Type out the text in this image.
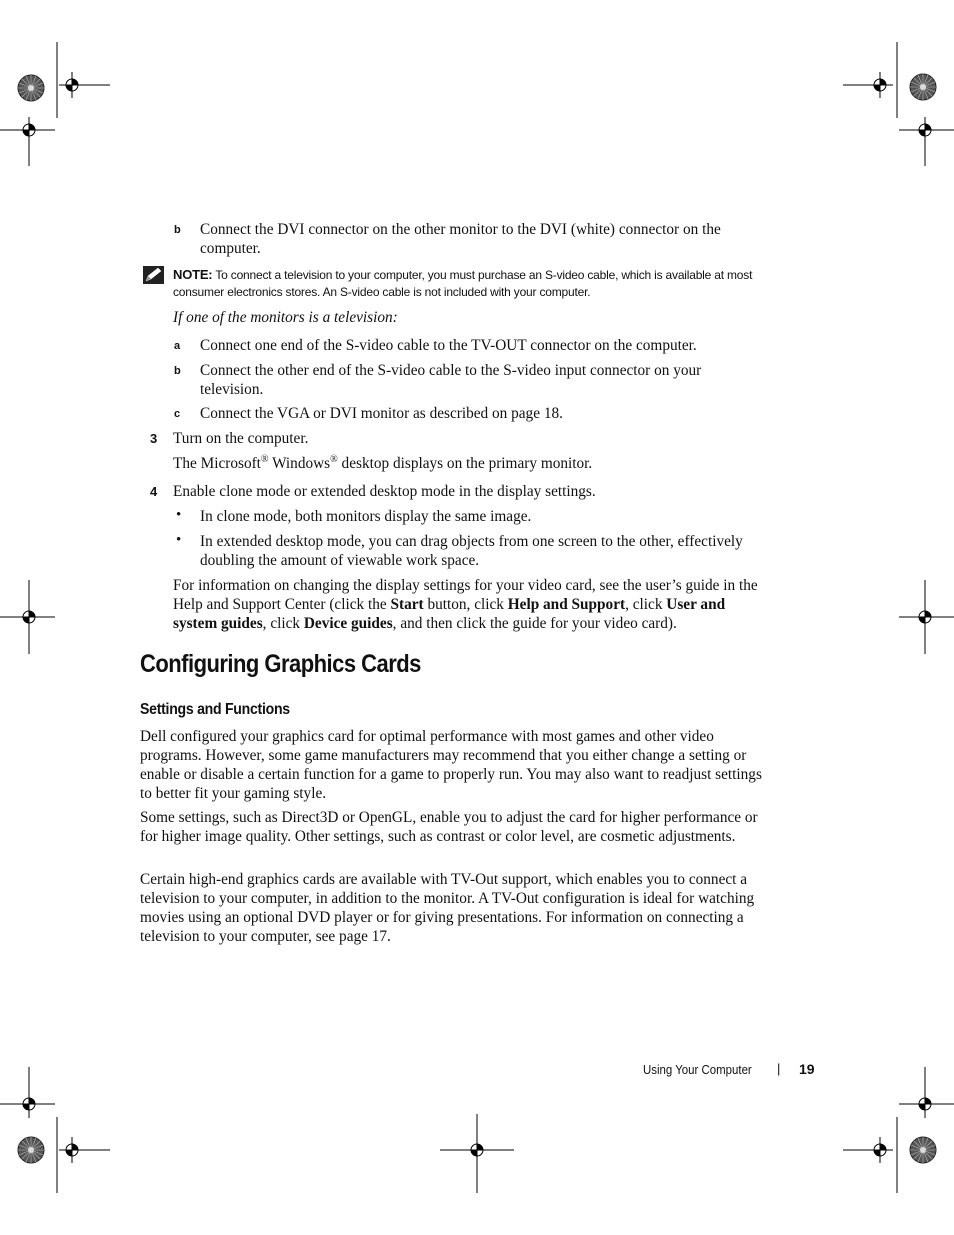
b Connect the DVI connector on the other monitor to the DVI (white) connector on the computer.
NOTE: To connect a television to your computer, you must purchase an S-video cable, which is available at most consumer electronics stores. An S-video cable is not included with your computer.
If one of the monitors is a television:
a Connect one end of the S-video cable to the TV-OUT connector on the computer.
b Connect the other end of the S-video cable to the S-video input connector on your television.
c Connect the VGA or DVI monitor as described on page 18.
3 Turn on the computer.
The Microsoft® Windows® desktop displays on the primary monitor.
4 Enable clone mode or extended desktop mode in the display settings.
• In clone mode, both monitors display the same image.
• In extended desktop mode, you can drag objects from one screen to the other, effectively doubling the amount of viewable work space.
For information on changing the display settings for your video card, see the user’s guide in the Help and Support Center (click the Start button, click Help and Support, click User and system guides, click Device guides, and then click the guide for your video card).
Configuring Graphics Cards
Settings and Functions
Dell configured your graphics card for optimal performance with most games and other video programs. However, some game manufacturers may recommend that you either change a setting or enable or disable a certain function for a game to properly run. You may also want to readjust settings to better fit your gaming style.
Some settings, such as Direct3D or OpenGL, enable you to adjust the card for higher performance or for higher image quality. Other settings, such as contrast or color level, are cosmetic adjustments.
Certain high-end graphics cards are available with TV-Out support, which enables you to connect a television to your computer, in addition to the monitor. A TV-Out configuration is ideal for watching movies using an optional DVD player or for giving presentations. For information on connecting a television to your computer, see page 17.
Using Your Computer | 19
